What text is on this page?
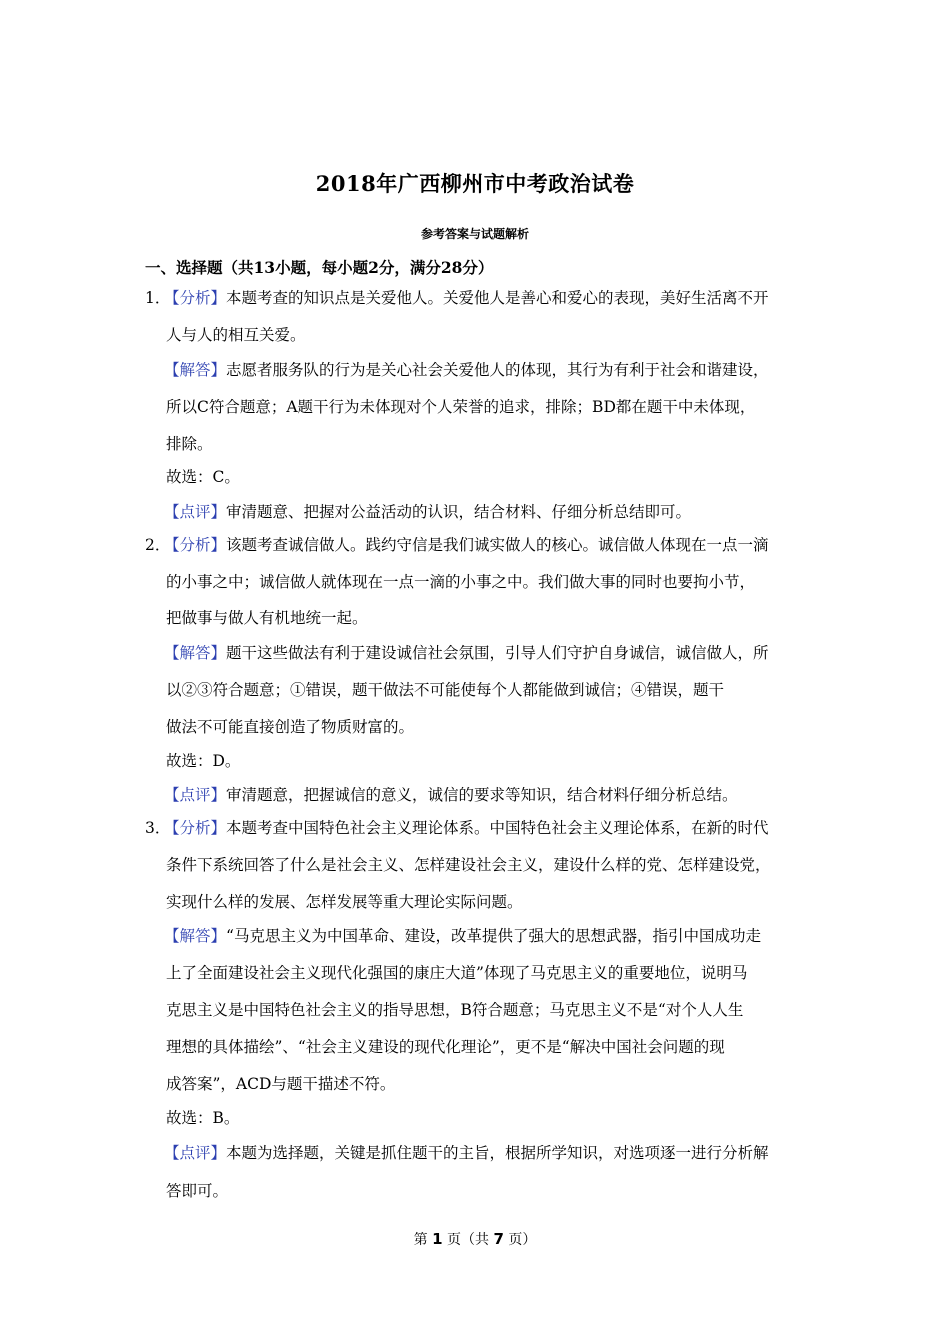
2018年广西柳州市中考政治试卷
参考答案与试题解析
一、选择题（共13小题，每小题2分，满分28分）
1．
【分析】本题考查的知识点是关爱他人。关爱他人是善心和爱心的表现，美好生活离不开
人与人的相互关爱。
【解答】志愿者服务队的行为是关心社会关爱他人的体现，其行为有利于社会和谐建设，
所以C符合题意；A题干行为未体现对个人荣誉的追求，排除；BD都在题干中未体现，
排除。
故选：C。
【点评】审清题意、把握对公益活动的认识，结合材料、仔细分析总结即可。
2．
【分析】该题考查诚信做人。践约守信是我们诚实做人的核心。诚信做人体现在一点一滴
的小事之中；诚信做人就体现在一点一滴的小事之中。我们做大事的同时也要拘小节，
把做事与做人有机地统一起。
【解答】题干这些做法有利于建设诚信社会氛围，引导人们守护自身诚信，诚信做人，所
以②③符合题意；①错误，题干做法不可能使每个人都能做到诚信；④错误，题干
做法不可能直接创造了物质财富的。
故选：D。
【点评】审清题意，把握诚信的意义，诚信的要求等知识，结合材料仔细分析总结。
3．
【分析】本题考查中国特色社会主义理论体系。中国特色社会主义理论体系，在新的时代
条件下系统回答了什么是社会主义、怎样建设社会主义，建设什么样的党、怎样建设党，
实现什么样的发展、怎样发展等重大理论实际问题。
【解答】“马克思主义为中国革命、建设，改革提供了强大的思想武器，指引中国成功走
上了全面建设社会主义现代化强国的康庄大道”体现了马克思主义的重要地位，说明马
克思主义是中国特色社会主义的指导思想，B符合题意；马克思主义不是“对个人人生
理想的具体描绘”、“社会主义建设的现代化理论”，更不是“解决中国社会问题的现
成答案”，ACD与题干描述不符。
故选：B。
【点评】本题为选择题，关键是抓住题干的主旨，根据所学知识，对选项逐一进行分析解
答即可。
第 1 页（共 7 页）
